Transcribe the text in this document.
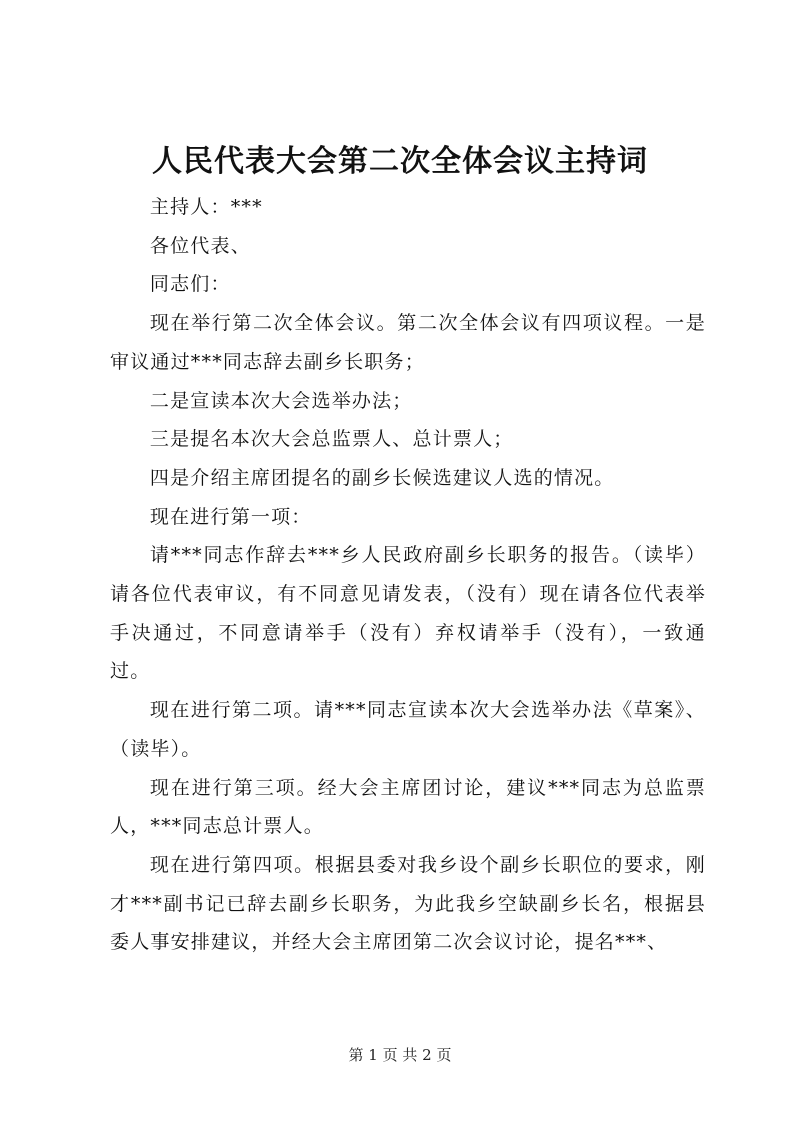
人民代表大会第二次全体会议主持词

主持人：***

各位代表、

同志们：

现在举行第二次全体会议。第二次全体会议有四项议程。一是审议通过***同志辞去副乡长职务；

二是宣读本次大会选举办法；

三是提名本次大会总监票人、总计票人；

四是介绍主席团提名的副乡长候选建议人选的情况。

现在进行第一项：

请***同志作辞去***乡人民政府副乡长职务的报告。（读毕）请各位代表审议，有不同意见请发表，（没有）现在请各位代表举手决通过，不同意请举手（没有）弃权请举手（没有），一致通过。

现在进行第二项。请***同志宣读本次大会选举办法《草案》、（读毕）。

现在进行第三项。经大会主席团讨论，建议***同志为总监票人，***同志总计票人。

现在进行第四项。根据县委对我乡设个副乡长职位的要求，刚才***副书记已辞去副乡长职务，为此我乡空缺副乡长名，根据县委人事安排建议，并经大会主席团第二次会议讨论，提名***、

第 1 页 共 2 页
